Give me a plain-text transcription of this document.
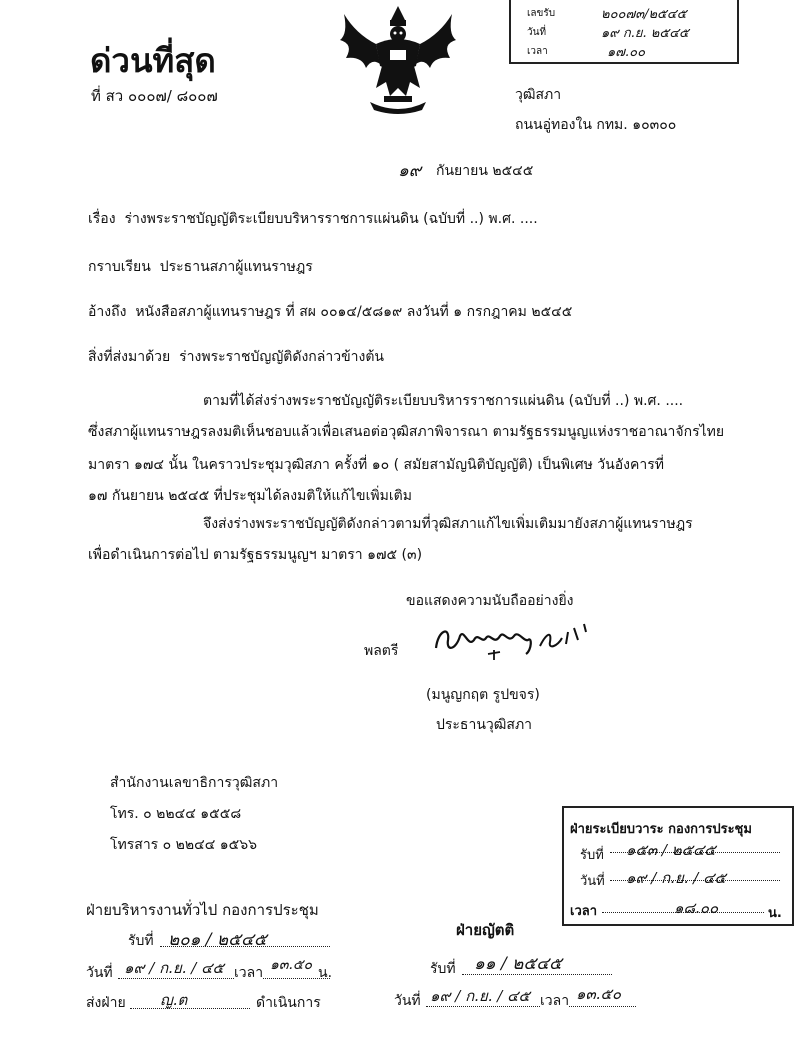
ด่วนที่สุด
ที่ สว ๐๐๐๗/ ๘๐๐๗
เลขรับ	๒๐๐๗๓/๒๕๔๕
วันที่	๑๙ ก.ย. ๒๕๔๕
เวลา	๑๗.๐๐
วุฒิสภา
ถนนอู่ทองใน กทม. ๑๐๓๐๐
๑๙ กันยายน ๒๕๔๕
เรื่อง ร่างพระราชบัญญัติระเบียบบริหารราชการแผ่นดิน (ฉบับที่ ..) พ.ศ. ....
กราบเรียน ประธานสภาผู้แทนราษฎร
อ้างถึง หนังสือสภาผู้แทนราษฎร ที่ สผ ๐๐๑๔/๕๘๑๙ ลงวันที่ ๑ กรกฎาคม ๒๕๔๕
สิ่งที่ส่งมาด้วย ร่างพระราชบัญญัติดังกล่าวข้างต้น
ตามที่ได้ส่งร่างพระราชบัญญัติระเบียบบริหารราชการแผ่นดิน (ฉบับที่ ..) พ.ศ. ....
ซึ่งสภาผู้แทนราษฎรลงมติเห็นชอบแล้วเพื่อเสนอต่อวุฒิสภาพิจารณา ตามรัฐธรรมนูญแห่งราชอาณาจักรไทย
มาตรา ๑๗๔ นั้น ในคราวประชุมวุฒิสภา ครั้งที่ ๑๐ ( สมัยสามัญนิติบัญญัติ) เป็นพิเศษ วันอังคารที่
๑๗ กันยายน ๒๕๔๕ ที่ประชุมได้ลงมติให้แก้ไขเพิ่มเติม
จึงส่งร่างพระราชบัญญัติดังกล่าวตามที่วุฒิสภาแก้ไขเพิ่มเติมมายังสภาผู้แทนราษฎร
เพื่อดำเนินการต่อไป ตามรัฐธรรมนูญฯ มาตรา ๑๗๕ (๓)
ขอแสดงความนับถืออย่างยิ่ง
พลตรี
(มนูญกฤต รูปขจร)
ประธานวุฒิสภา
สำนักงานเลขาธิการวุฒิสภา
โทร. ๐ ๒๒๔๔ ๑๕๕๘
โทรสาร ๐ ๒๒๔๔ ๑๕๖๖
ฝ่ายระเบียบวาระ กองการประชุม
รับที่ ๑๕๓ / ๒๕๔๕
วันที่ ๑๙ / ก.ย. / ๔๕
เวลา	๑๘.๐๐	น.
ฝ่ายบริหารงานทั่วไป กองการประชุม
รับที่ ๒๐๑ / ๒๕๔๕
วันที่ ๑๙ / ก.ย. / ๔๕ เวลา ๑๓.๕๐ น.
ส่งฝ่าย ญ.ต	ดำเนินการ
ฝ่ายญัตติ
รับที่ ๑๑ / ๒๕๔๕
วันที่ ๑๙ / ก.ย. / ๔๕ เวลา ๑๓.๕๐
